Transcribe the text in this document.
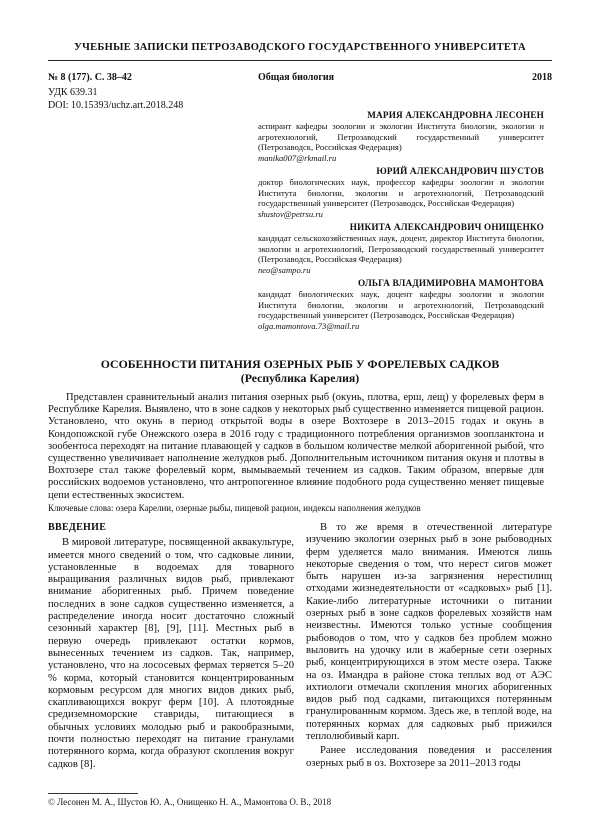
УЧЕБНЫЕ ЗАПИСКИ ПЕТРОЗАВОДСКОГО ГОСУДАРСТВЕННОГО УНИВЕРСИТЕТА
№ 8 (177). С. 38–42	Общая биология	2018
УДК 639.31
DOI: 10.15393/uchz.art.2018.248
МАРИЯ АЛЕКСАНДРОВНА ЛЕСОНЕН
аспирант кафедры зоологии и экологии Института биологии, экологии и агротехнологий, Петрозаводский государственный университет (Петрозаводск, Российская Федерация)
manika007@rkmail.ru
ЮРИЙ АЛЕКСАНДРОВИЧ ШУСТОВ
доктор биологических наук, профессор кафедры зоологии и экологии Института биологии, экологии и агротехнологий, Петрозаводский государственный университет (Петрозаводск, Российская Федерация)
shustov@petrsu.ru
НИКИТА АЛЕКСАНДРОВИЧ ОНИЩЕНКО
кандидат сельскохозяйственных наук, доцент, директор Института биологии, экологии и агротехнологий, Петрозаводский государственный университет (Петрозаводск, Российская Федерация)
neo@sampo.ru
ОЛЬГА ВЛАДИМИРОВНА МАМОНТОВА
кандидат биологических наук, доцент кафедры зоологии и экологии Института биологии, экологии и агротехнологий, Петрозаводский государственный университет (Петрозаводск, Российская Федерация)
olga.mamontova.73@mail.ru
ОСОБЕННОСТИ ПИТАНИЯ ОЗЕРНЫХ РЫБ У ФОРЕЛЕВЫХ САДКОВ
(Республика Карелия)
Представлен сравнительный анализ питания озерных рыб (окунь, плотва, ерш, лещ) у форелевых ферм в Республике Карелия. Выявлено, что в зоне садков у некоторых рыб существенно изменяется пищевой рацион. Установлено, что окунь в период открытой воды в озере Вохтозере в 2013–2015 годах и окунь в Кондопожской губе Онежского озера в 2016 году с традиционного потребления организмов зоопланктона и зообентоса переходят на питание плавающей у садков в большом количестве мелкой аборигенной рыбой, что существенно увеличивает наполнение желудков рыб. Дополнительным источником питания окуня и плотвы в Вохтозере стал также форелевый корм, вымываемый течением из садков. Таким образом, впервые для российских водоемов установлено, что антропогенное влияние подобного рода существенно меняет пищевые цепи естественных экосистем.
Ключевые слова: озера Карелии, озерные рыбы, пищевой рацион, индексы наполнения желудков
ВВЕДЕНИЕ

В мировой литературе, посвященной аквакультуре, имеется много сведений о том, что садковые линии, установленные в водоемах для товарного выращивания различных видов рыб, привлекают внимание аборигенных рыб. Причем поведение последних в зоне садков существенно изменяется, а распределение иногда носит достаточно сложный сезонный характер [8], [9], [11]. Местных рыб в первую очередь привлекают остатки кормов, вынесенных течением из садков. Так, например, установлено, что на лососевых фермах теряется 5–20 % корма, который становится концентрированным кормовым ресурсом для многих видов диких рыб, скапливающихся вокруг ферм [10]. А плотоядные средиземноморские ставриды, питающиеся в обычных условиях молодью рыб и ракообразными, почти полностью переходят на питание гранулами потерянного корма, когда образуют скопления вокруг садков [8].

В то же время в отечественной литературе изучению экологии озерных рыб в зоне рыбоводных ферм уделяется мало внимания. Имеются лишь некоторые сведения о том, что нерест сигов может быть нарушен из-за загрязнения нерестилищ отходами жизнедеятельности от «садковых» рыб [1]. Какие-либо литературные источники о питании озерных рыб в зоне садков форелевых хозяйств нам неизвестны. Имеются только устные сообщения рыбоводов о том, что у садков без проблем можно выловить на удочку или в жаберные сети озерных рыб, концентрирующихся в этом месте озера. Также на оз. Имандра в районе стока теплых вод от АЭС ихтиологи отмечали скопления многих аборигенных видов рыб под садками, питающихся потерянным гранулированным кормом. Здесь же, в теплой воде, на потерянных кормах для садковых рыб прижился теплолюбивый карп.

Ранее исследования поведения и расселения озерных рыб в оз. Вохтозере за 2011–2013 годы

© Лесонен М. А., Шустов Ю. А., Онищенко Н. А., Мамонтова О. В., 2018
